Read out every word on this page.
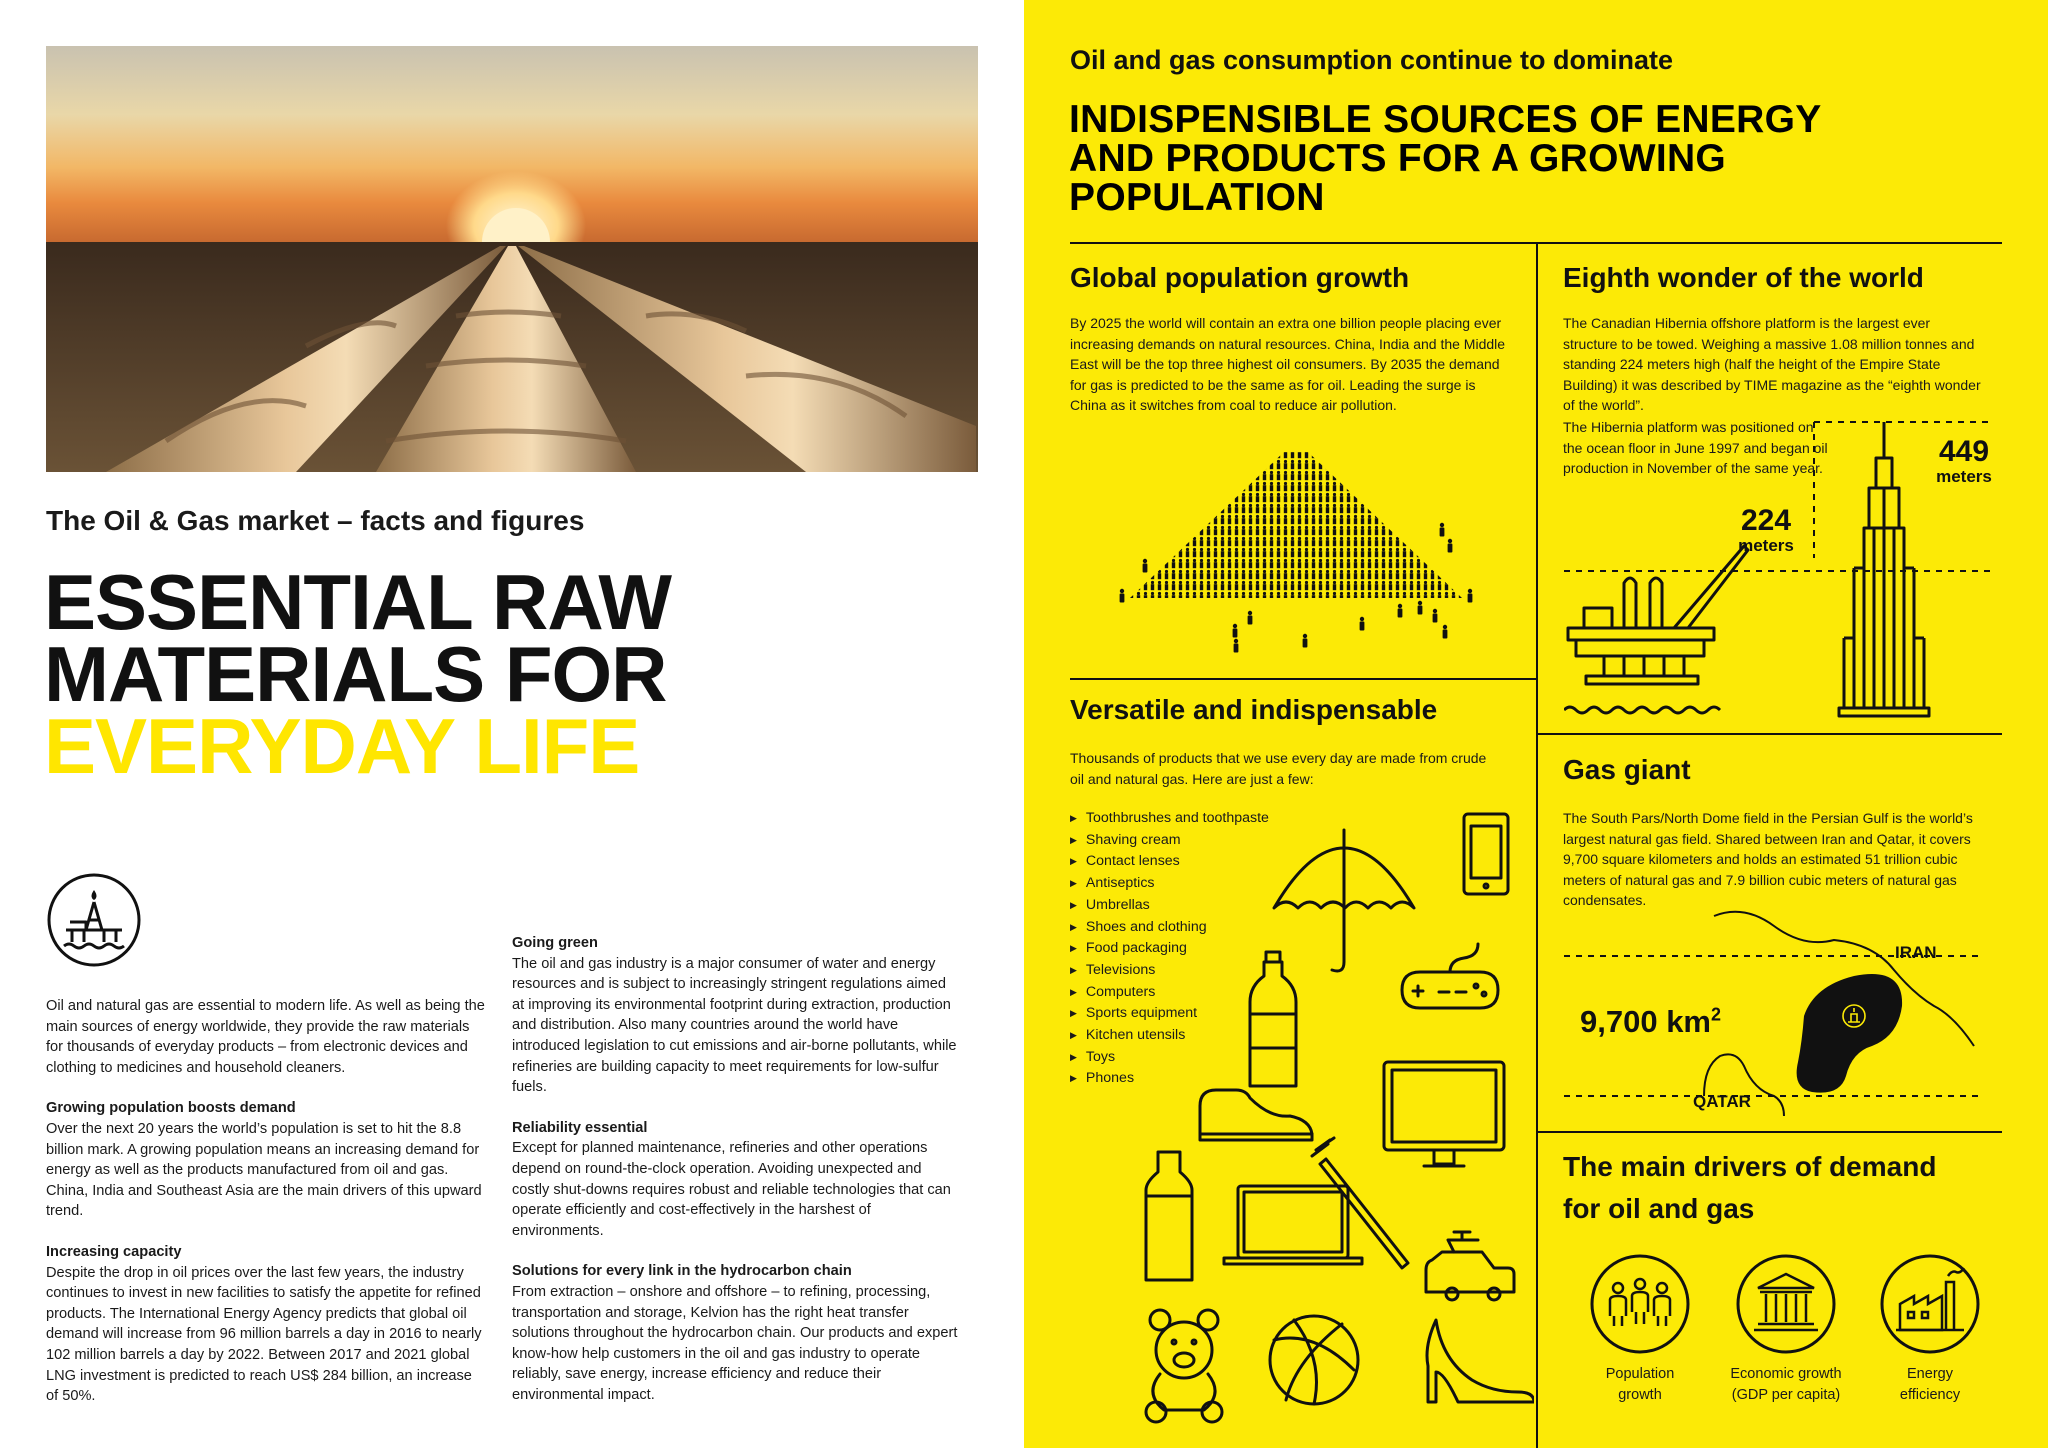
The Oil & Gas market – facts and figures
ESSENTIAL RAW
MATERIALS FOR
EVERYDAY LIFE

Oil and natural gas are essential to modern life. As well as being the main sources of energy worldwide, they provide the raw materials for thousands of everyday products – from electronic devices and clothing to medicines and household cleaners.

Growing population boosts demand

Over the next 20 years the world’s population is set to hit the 8.8 billion mark. A growing population means an increasing demand for energy as well as the products manufactured from oil and gas. China, India and Southeast Asia are the main drivers of this upward trend.

Increasing capacity

Despite the drop in oil prices over the last few years, the industry continues to invest in new facilities to satisfy the appetite for refined products. The International Energy Agency predicts that global oil demand will increase from 96 million barrels a day in 2016 to nearly 102 million barrels a day by 2022. Between 2017 and 2021 global LNG investment is predicted to reach US$ 284 billion, an increase of 50%.

Going green

The oil and gas industry is a major consumer of water and energy resources and is subject to increasingly stringent regulations aimed at improving its environmental footprint during extraction, production and distribution. Also many countries around the world have introduced legislation to cut emissions and air-borne pollutants, while refineries are building capacity to meet requirements for low-sulfur fuels.

Reliability essential

Except for planned maintenance, refineries and other operations depend on round-the-clock operation. Avoiding unexpected and costly shut-downs requires robust and reliable technologies that can operate efficiently and cost-effectively in the harshest of environments.

Solutions for every link in the hydrocarbon chain

From extraction – onshore and offshore – to refining, processing, transportation and storage, Kelvion has the right heat transfer solutions throughout the hydrocarbon chain. Our products and expert know-how help customers in the oil and gas industry to operate reliably, save energy, increase efficiency and reduce their environmental impact.

Oil and gas consumption continue to dominate
INDISPENSIBLE SOURCES OF ENERGY
AND PRODUCTS FOR A GROWING
POPULATION
Global population growth
By 2025 the world will contain an extra one billion people placing ever increasing demands on natural resources. China, India and the Middle East will be the top three highest oil consumers. By 2035 the demand for gas is predicted to be the same as for oil. Leading the surge is China as it switches from coal to reduce air pollution.
Eighth wonder of the world
The Canadian Hibernia offshore platform is the largest ever structure to be towed. Weighing a massive 1.08 million tonnes and standing 224 meters high (half the height of the Empire State Building) it was described by TIME magazine as the “eighth wonder of the world”.
The Hibernia platform was positioned on the ocean floor in June 1997 and began oil production in November of the same year.
449
meters
224
meters
Versatile and indispensable
Thousands of products that we use every day are made from crude oil and natural gas. Here are just a few:
▶ Toothbrushes and toothpaste
▶ Shaving cream
▶ Contact lenses
▶ Antiseptics
▶ Umbrellas
▶ Shoes and clothing
▶ Food packaging
▶ Televisions
▶ Computers
▶ Sports equipment
▶ Kitchen utensils
▶ Toys
▶ Phones
Gas giant
The South Pars/North Dome field in the Persian Gulf is the world’s largest natural gas field. Shared between Iran and Qatar, it covers 9,700 square kilometers and holds an estimated 51 trillion cubic meters of natural gas and 7.9 billion cubic meters of natural gas condensates.
9,700 $km^2$
IRAN
QATAR
The main drivers of demand
for oil and gas
Population
growth
Economic growth
(GDP per capita)
Energy
efficiency
